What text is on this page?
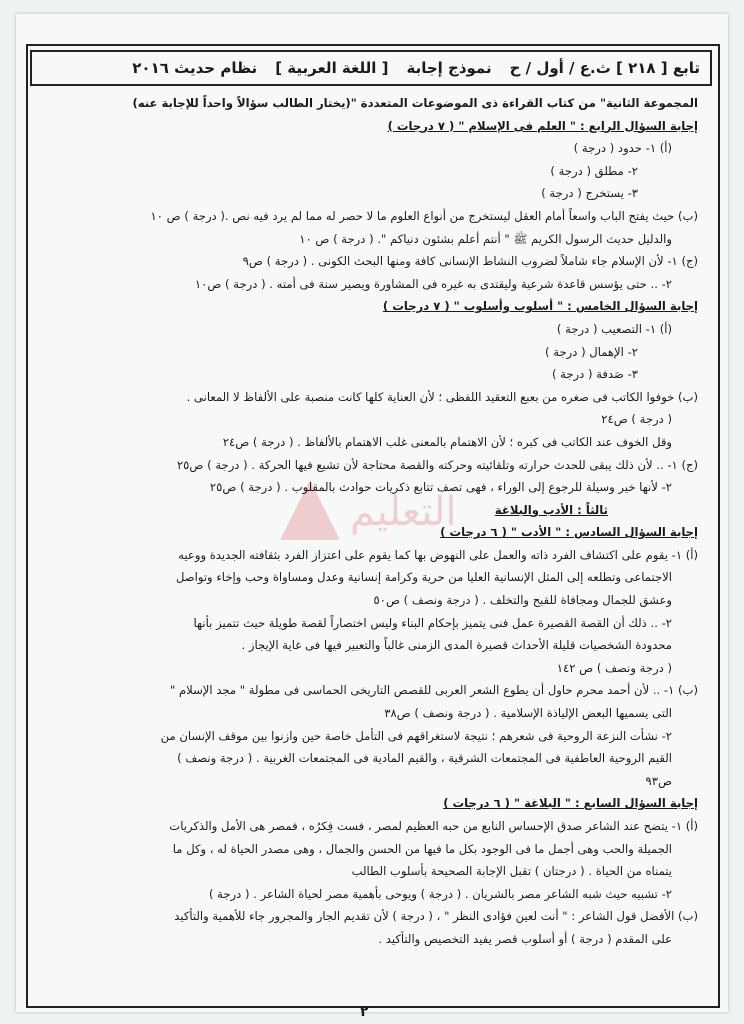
تابع [ ٢١٨ ] ث.ع / أول / ح
نموذج إجابة
[ اللغة العربية ]
نظام حديث ٢٠١٦
التعليم
المجموعة الثانية" من كتاب القراءة ذى الموضوعات المتعددة "(يختار الطالب سؤالاً واحداً للإجابة عنه)
إجابة السؤال الرابع : " العلم فى الإسلام " ( ٧ درجات )
(أ) ١- حدود ( درجة )
٢- مطلق ( درجة )
٣- يستخرج ( درجة )
(ب) حيث يفتح الباب واسعاً أمام العقل ليستخرج من أنواع العلوم ما لا حصر له مما لم يرد فيه نص .( درجة ) ص ١٠
والدليل حديث الرسول الكريم ﷺ " أنتم أعلم بشئون دنياكم ". ( درجة ) ص ١٠
(ج) ١- لأن الإسلام جاء شاملاً لضروب النشاط الإنسانى كافة ومنها البحث الكونى . ( درجة ) ص٩
٢- .. حتى يؤسس قاعدة شرعية وليقتدى به غيره فى المشاورة ويصير سنة فى أمته . ( درجة ) ص١٠
إجابة السؤال الخامس : " أسلوب وأسلوب " ( ٧ درجات )
(أ) ١- التصعيب ( درجة )
٢- الإهمال ( درجة )
٣- صَدفة ( درجة )
(ب) خوفوا الكاتب فى صغره من بعبع التعقيد اللفظى ؛ لأن العناية كلها كانت منصبة على الألفاظ لا المعانى .
( درجة ) ص٢٤
وقل الخوف عند الكاتب فى كبره ؛ لأن الاهتمام بالمعنى غلب الاهتمام بالألفاظ . ( درجة ) ص٢٤
(ج) ١- .. لأن ذلك يبقى للحدث حرارته وتلقائيته وحركته والقصة محتاجة لأن تشيع فيها الحركة . ( درجة ) ص٢٥
٢- لأنها خير وسيلة للرجوع إلى الوراء ، فهى تصف تتابع ذكريات حوادث بالمقلوب . ( درجة ) ص٢٥
ثالثاً : الأدب والبلاغة
إجابة السؤال السادس : " الأدب " ( ٦ درجات )
(أ) ١- يقوم على اكتشاف الفرد ذاته والعمل على النهوض بها كما يقوم على اعتزاز الفرد بثقافته الجديدة ووعيه
الاجتماعى وتطلعه إلى المثل الإنسانية العليا من حرية وكرامة إنسانية وعدل ومساواة وحب وإخاء وتواصل
وعشق للجمال ومجافاة للقبح والتخلف . ( درجة ونصف ) ص٥٠
٢- .. ذلك أن القصة القصيرة عمل فنى يتميز بإحكام البناء وليس اختصاراً لقصة طويلة حيث تتميز بأنها
محدودة الشخصيات قليلة الأحداث قصيرة المدى الزمنى غالباً والتعبير فيها فى غاية الإيجاز .
( درجة ونصف ) ص ١٤٢
(ب) ١- .. لأن أحمد محرم حاول أن يطوع الشعر العربى للقصص التاريخى الحماسى فى مطولة " مجد الإسلام "
التى يسميها البعض الإلياذة الإسلامية . ( درجة ونصف ) ص٣٨
٢- نشأت النزعة الروحية فى شعرهم ؛ نتيجة لاستغراقهم فى التأمل خاصة حين وازنوا بين موقف الإنسان من
القيم الروحية العاطفية فى المجتمعات الشرقية ، والقيم المادية فى المجتمعات الغربية . ( درجة ونصف )
ص٩٣
إجابة السؤال السابع : " البلاغة " ( ٦ درجات )
(أ) ١- يتضح عند الشاعر صدق الإحساس النابع من حبه العظيم لمصر ، فست فِكرُه ، فمصر هى الأمل والذكريات
الجميلة والحب وهى أجمل ما فى الوجود بكل ما فيها من الحسن والجمال ، وهى مصدر الحياة له ، وكل ما
يتمناه من الحياة . ( درجتان ) تقبل الإجابة الصحيحة بأسلوب الطالب
٢- تشبيه حيث شبه الشاعر مصر بالشريان . ( درجة ) ويوحى بأهمية مصر لحياة الشاعر . ( درجة )
(ب) الأفضل قول الشاعر : " أنت لعين فؤادى النظر " ، ( درجة ) لأن تقديم الجار والمجرور جاء للأهمية والتأكيد
على المقدم ( درجة ) أو أسلوب قصر يفيد التخصيص والتأكيد .
٢
